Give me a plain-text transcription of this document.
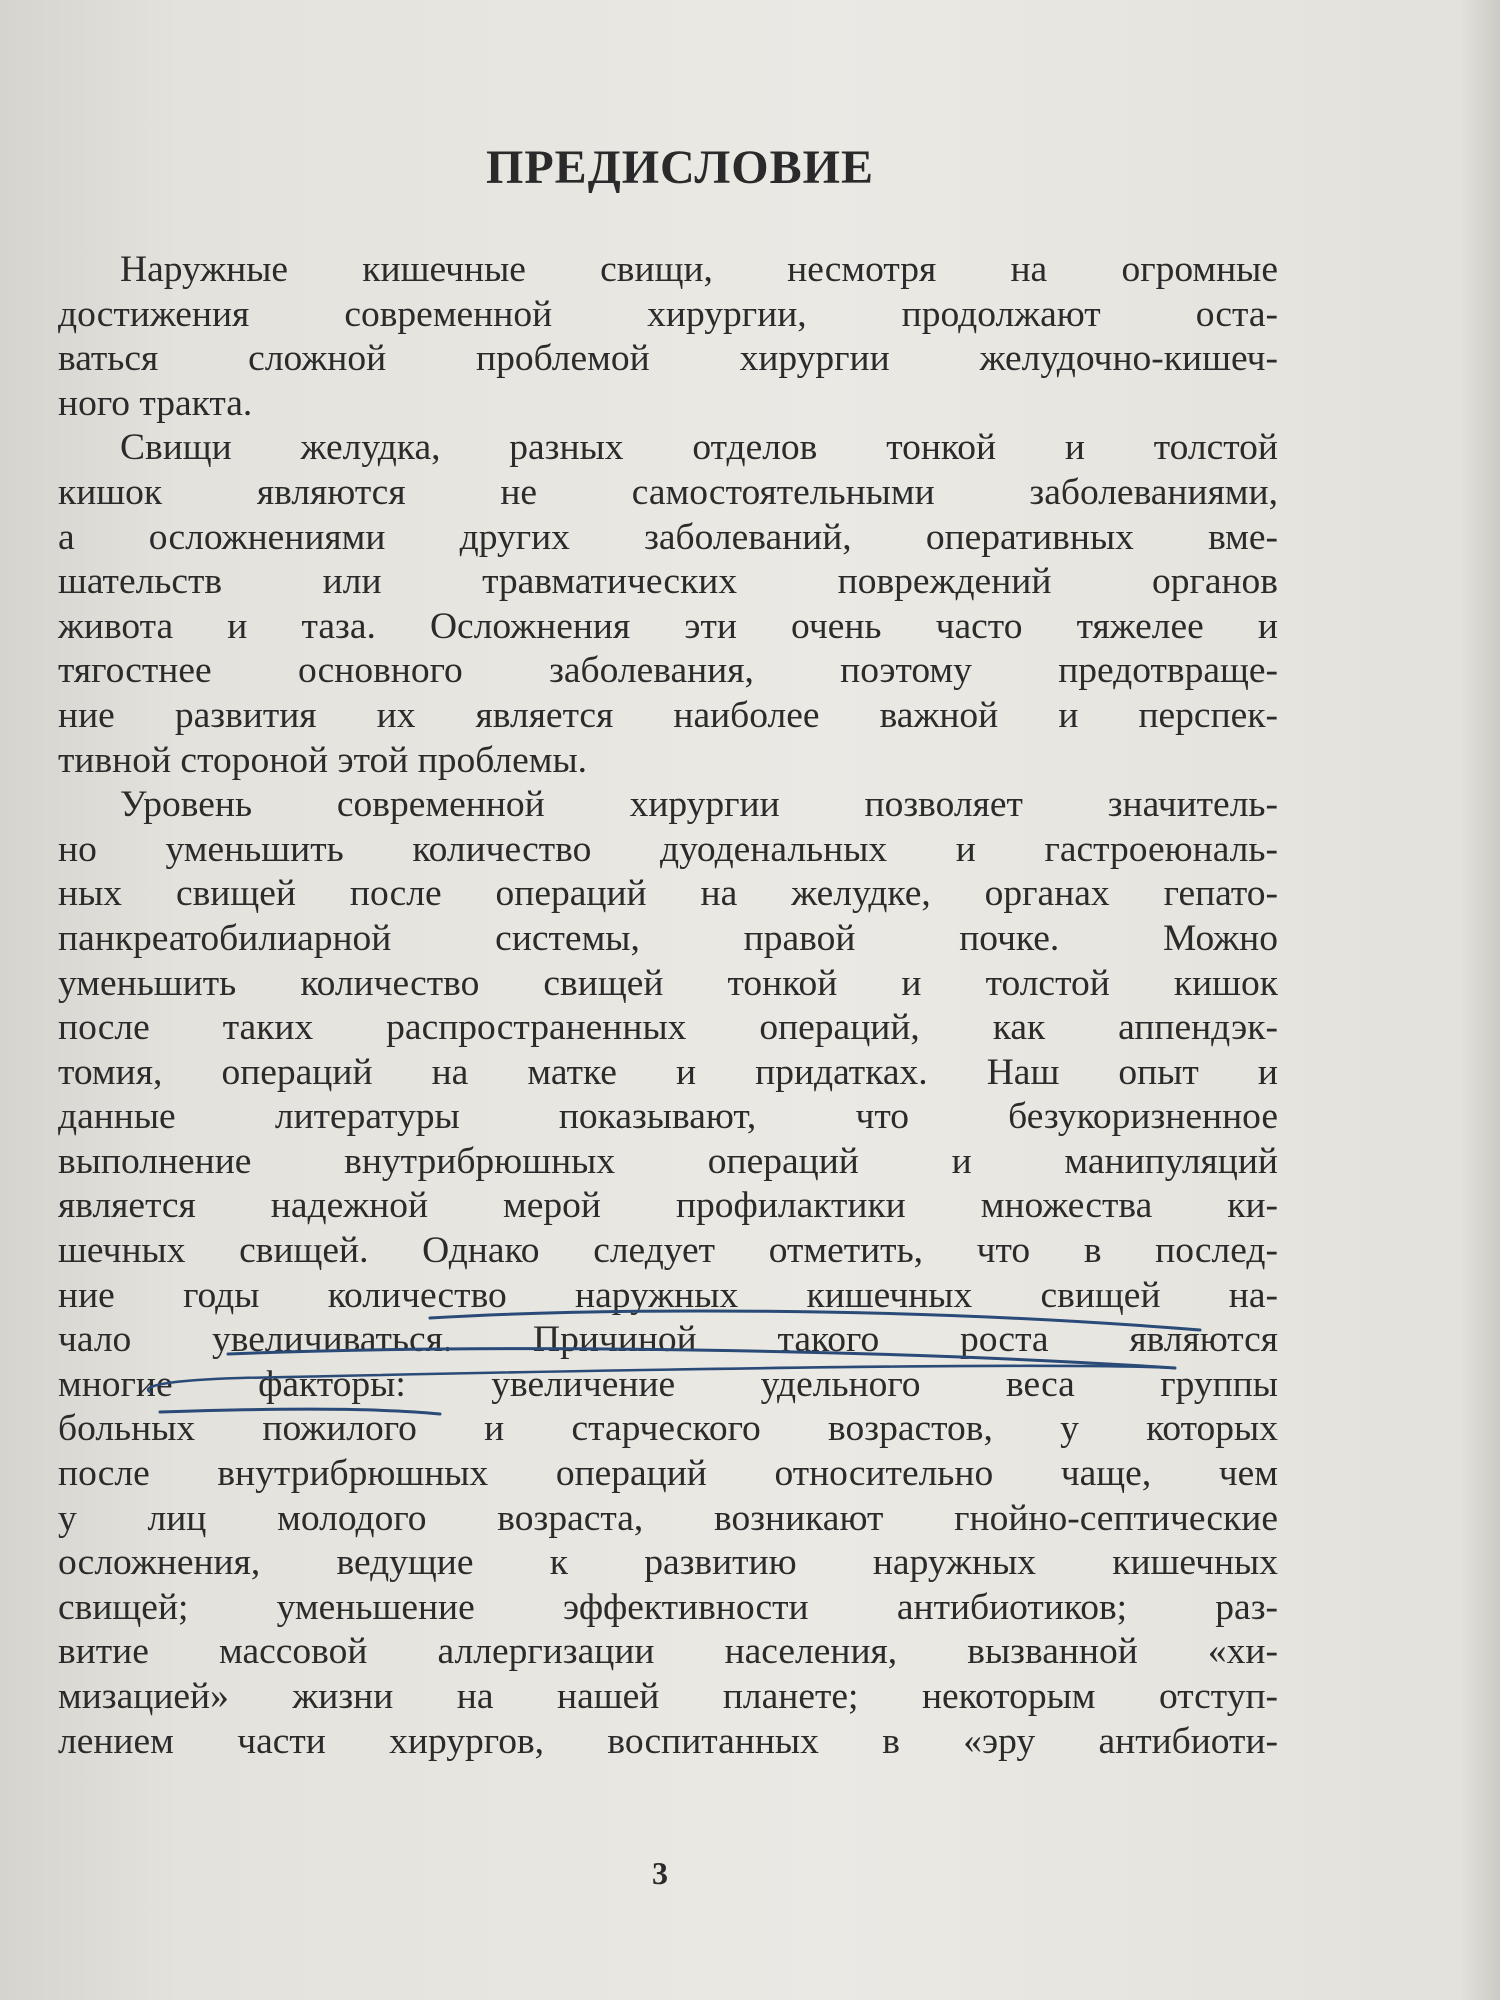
ПРЕДИСЛОВИЕ
Наружные кишечные свищи, несмотря на огромные
достижения современной хирургии, продолжают оста-
ваться сложной проблемой хирургии желудочно-кишеч-
ного тракта.
Свищи желудка, разных отделов тонкой и толстой
кишок являются не самостоятельными заболеваниями,
а осложнениями других заболеваний, оперативных вме-
шательств или травматических повреждений органов
живота и таза. Осложнения эти очень часто тяжелее и
тягостнее основного заболевания, поэтому предотвраще-
ние развития их является наиболее важной и перспек-
тивной стороной этой проблемы.
Уровень современной хирургии позволяет значитель-
но уменьшить количество дуоденальных и гастроеюналь-
ных свищей после операций на желудке, органах гепато-
панкреатобилиарной системы, правой почке. Можно
уменьшить количество свищей тонкой и толстой кишок
после таких распространенных операций, как аппендэк-
томия, операций на матке и придатках. Наш опыт и
данные литературы показывают, что безукоризненное
выполнение внутрибрюшных операций и манипуляций
является надежной мерой профилактики множества ки-
шечных свищей. Однако следует отметить, что в послед-
ние годы количество наружных кишечных свищей на-
чало увеличиваться. Причиной такого роста являются
многие факторы: увеличение удельного веса группы
больных пожилого и старческого возрастов, у которых
после внутрибрюшных операций относительно чаще, чем
у лиц молодого возраста, возникают гнойно-септические
осложнения, ведущие к развитию наружных кишечных
свищей; уменьшение эффективности антибиотиков; раз-
витие массовой аллергизации населения, вызванной «хи-
мизацией» жизни на нашей планете; некоторым отступ-
лением части хирургов, воспитанных в «эру антибиоти-
3
